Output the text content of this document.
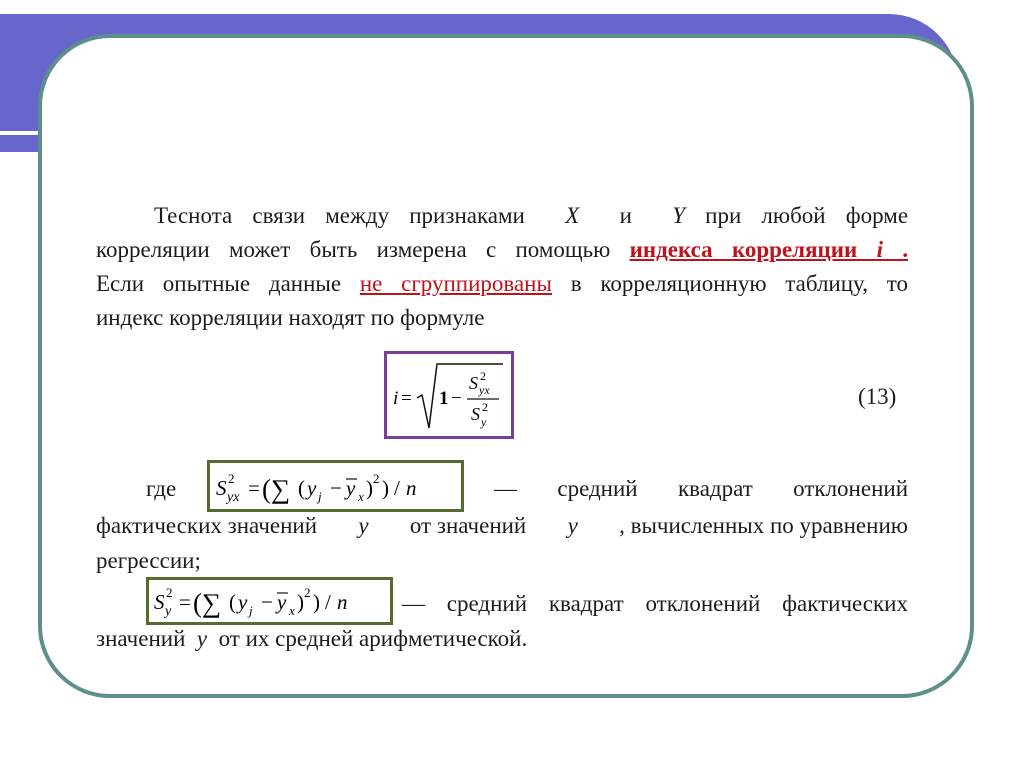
Теснота связи между признаками X и Y при любой форме
корреляции может быть измерена с помощью индекса корреляции i .
Если опытные данные не сгруппированы в корреляционную таблицу, то
индекс корреляции находят по формуле
i = 1 −
S 2
yx
S 2
y
(13)
где S 2
yx = (∑ ( y j − y x ) 2 ) / n	— средний квадрат отклонений
фактических значений y от значений y , вычисленных по уравнению
регрессии;
S 2
y = (∑ ( y j − y x ) 2 ) / n — средний квадрат отклонений фактических
значений y от их средней арифметической.
